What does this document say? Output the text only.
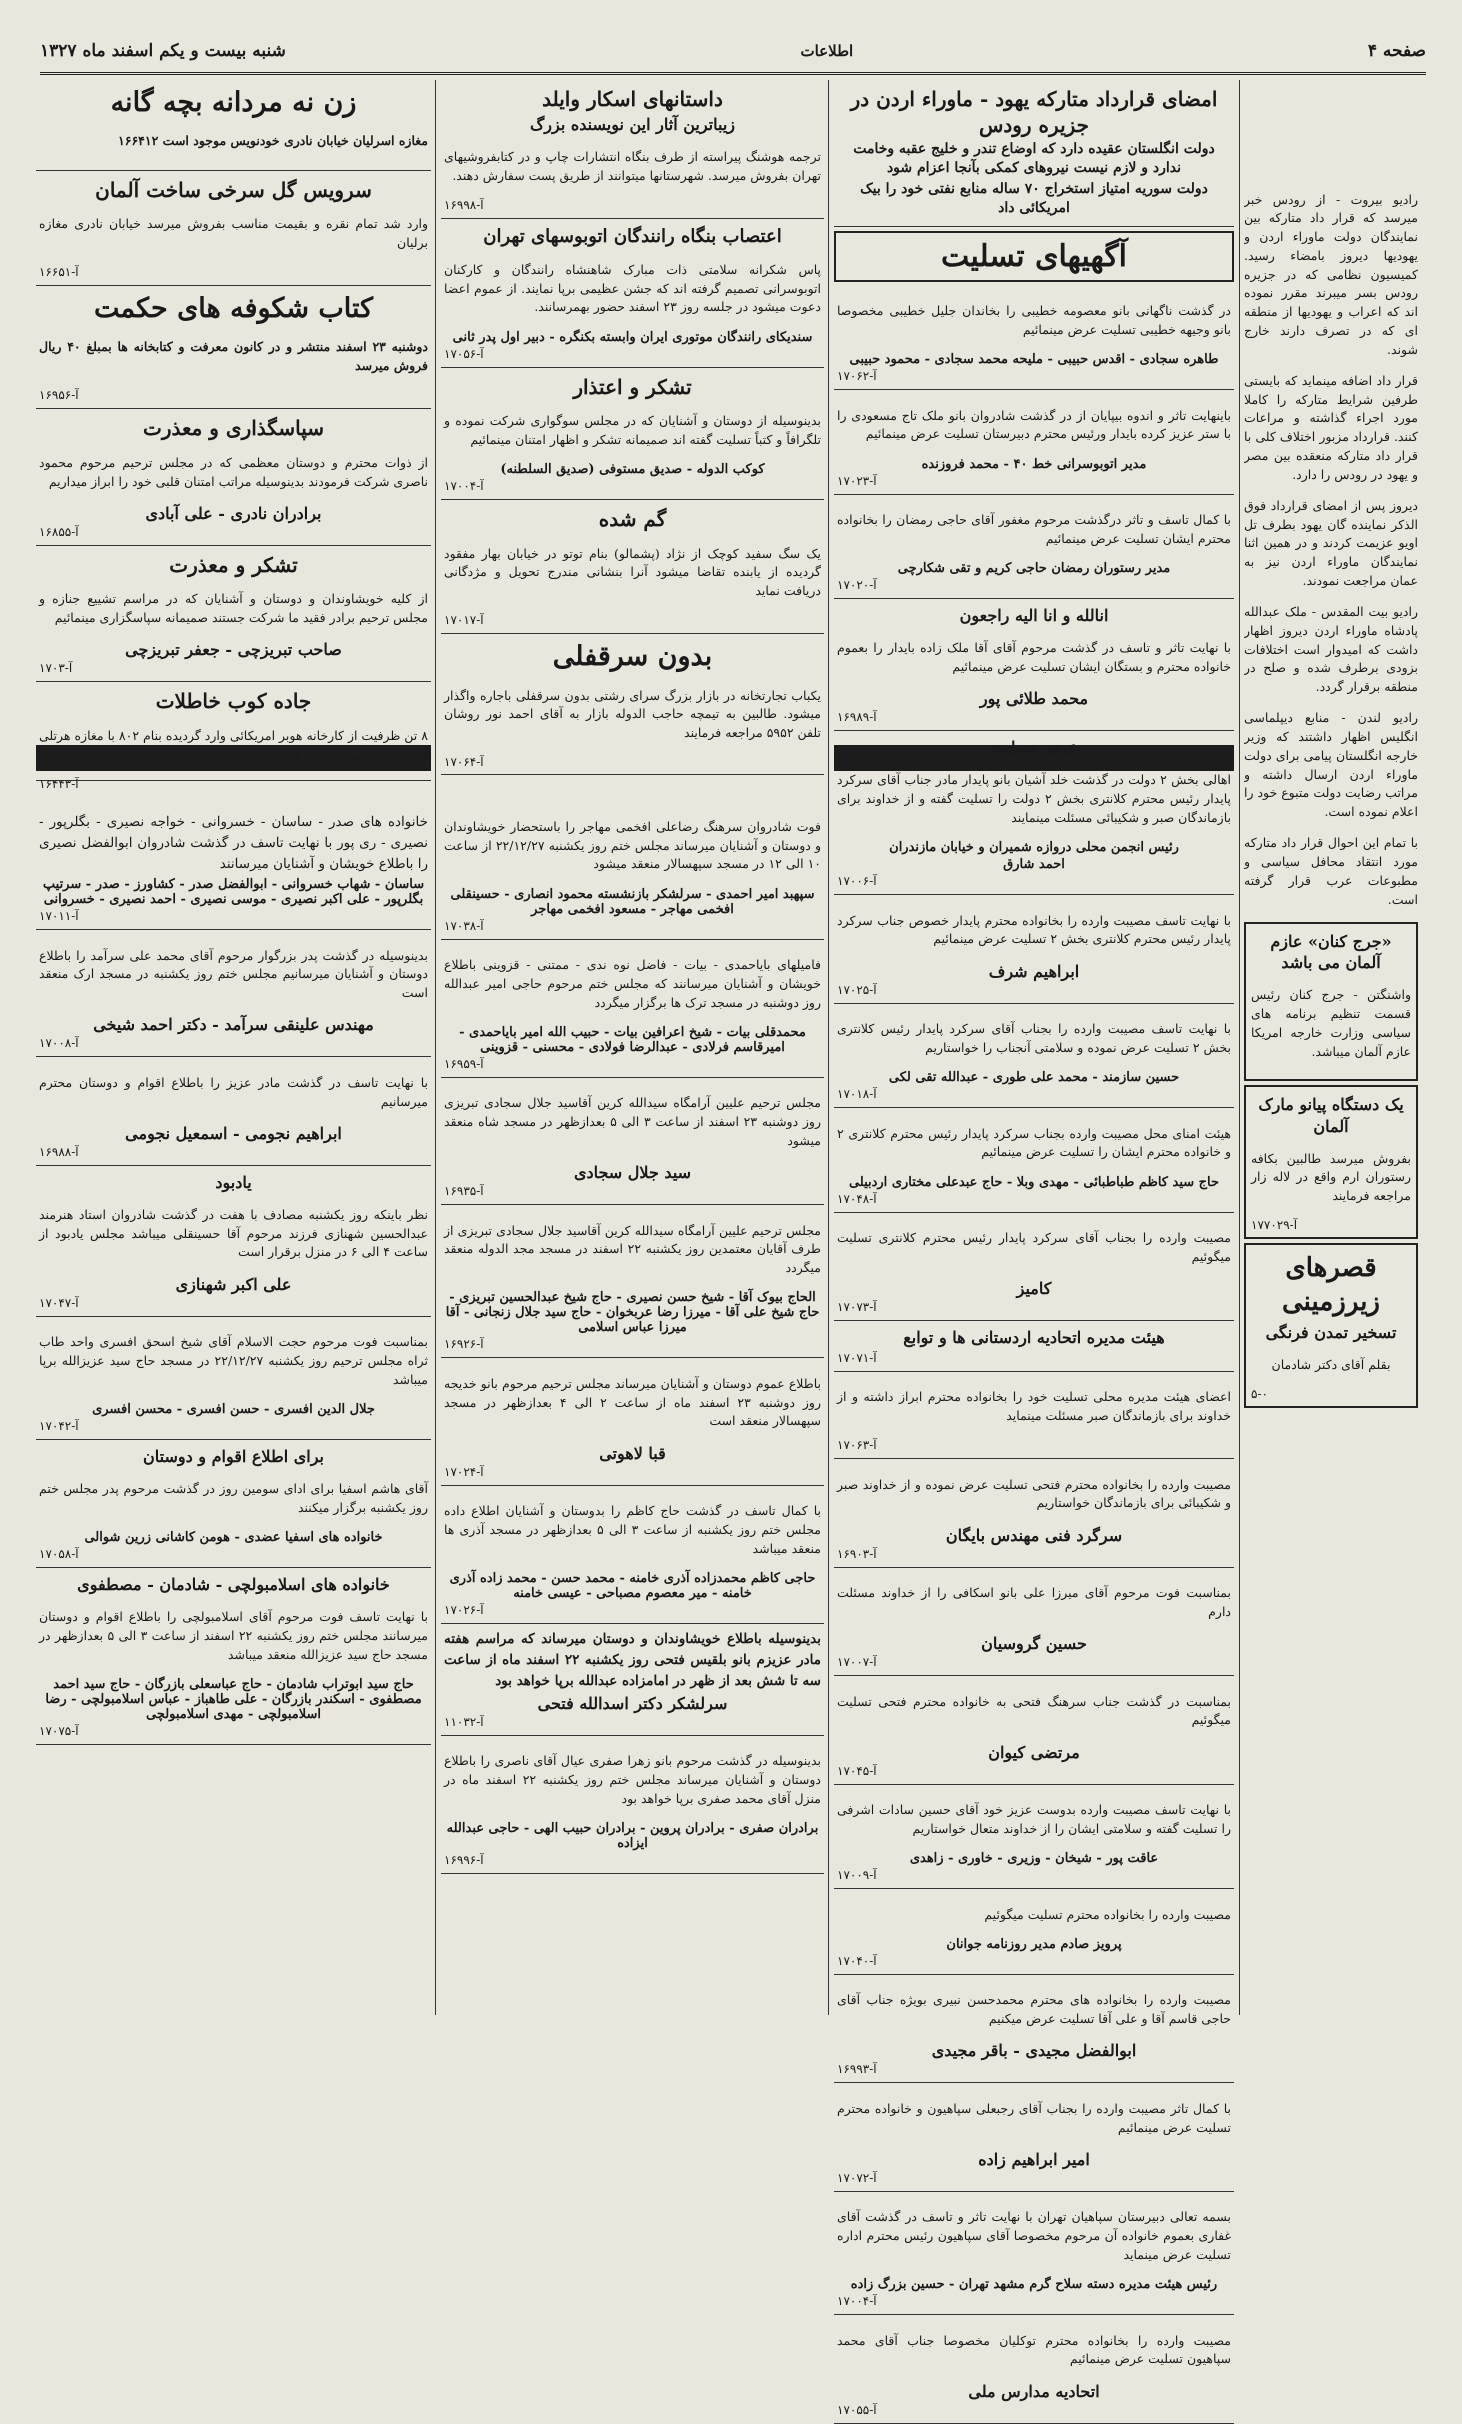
صفحه ۴
اطلاعات
شنبه بیست و یکم اسفند ماه ۱۳۲۷

رادیو بیروت - از رودس خبر میرسد که قرار داد متارکه بین نمایندگان دولت ماوراء اردن و یهودیها دیروز بامضاء رسید. کمیسیون نظامی که در جزیره رودس بسر میبرند مقرر نموده اند که اعراب و یهودیها از منطقه ای که در تصرف دارند خارج شوند.

قرار داد اضافه مینماید که بایستی طرفین شرایط متارکه را کاملا مورد اجراء گذاشته و مراعات کنند. قرارداد مزبور اختلاف کلی با قرار داد متارکه منعقده بین مصر و یهود در رودس را دارد.

دیروز پس از امضای قرارداد فوق الذکر نماینده گان یهود بطرف تل اویو عزیمت کردند و در همین اثنا نمایندگان ماوراء اردن نیز به عمان مراجعت نمودند.

رادیو بیت المقدس - ملک عبدالله پادشاه ماوراء اردن دیروز اظهار داشت که امیدوار است اختلافات بزودی برطرف شده و صلح در منطقه برقرار گردد.

رادیو لندن - منابع دیپلماسی انگلیس اظهار داشتند که وزیر خارجه انگلستان پیامی برای دولت ماوراء اردن ارسال داشته و مراتب رضایت دولت متبوع خود را اعلام نموده است.

با تمام این احوال قرار داد متارکه مورد انتقاد محافل سیاسی و مطبوعات عرب قرار گرفته است.

«جرج کنان» عازم آلمان می باشد

واشنگتن - جرج کنان رئیس قسمت تنظیم برنامه های سیاسی وزارت خارجه امریکا عازم آلمان میباشد.

یک دستگاه پیانو مارک آلمان

بفروش میرسد طالبین بکافه رستوران ارم واقع در لاله زار مراجعه فرمایند

آ-۱۷۷۰۲۹
قصرهای زیرزمینی
تسخیر تمدن فرنگی

بقلم آقای دکتر شادمان

۵-۰
امضای قرارداد متارکه یهود - ماوراء اردن در جزیره رودس
دولت انگلستان عقیده دارد که اوضاع تندر و خلیج عقبه وخامت ندارد و لازم نیست نیروهای کمکی بآنجا اعزام شود
دولت سوریه امتیاز استخراج ۷۰ ساله منابع نفتی خود را بیک امریکائی داد
آگهیهای تسلیت

در گذشت ناگهانی بانو معصومه خطیبی را بخاندان جلیل خطیبی مخصوصا بانو وجیهه خطیبی تسلیت عرض مینمائیم

طاهره سجادی - اقدس حبیبی - ملیحه محمد سجادی - محمود حبیبی
آ-۱۷۰۶۲

باینهایت تاثر و اندوه بیپایان از در گذشت شادروان بانو ملک تاج مسعودی را با ستر عزیز کرده بایدار ورئیس محترم دبیرستان تسلیت عرض مینمائیم

مدیر اتوبوسرانی خط ۴۰ - محمد فروزنده
آ-۱۷۰۲۳

با کمال تاسف و تاثر درگذشت مرحوم مغفور آقای حاجی رمضان را بخانواده محترم ایشان تسلیت عرض مینمائیم

مدیر رستوران رمضان حاجی کریم و تقی شکارچی
آ-۱۷۰۲۰
انالله و انا الیه راجعون

با نهایت تاثر و تاسف در گذشت مرحوم آقای آقا ملک زاده بایدار را بعموم خانواده محترم و بستگان ایشان تسلیت عرض مینمائیم

محمد طلائی پور
آ-۱۶۹۸۹
عرض تسلیت

اهالی بخش ۲ دولت در گذشت خلد آشیان بانو پایدار مادر جناب آقای سرکرد پایدار رئیس محترم کلانتری بخش ۲ دولت را تسلیت گفته و از خداوند برای بازماندگان صبر و شکیبائی مسئلت مینمایند

رئیس انجمن محلی دروازه شمیران و خیابان مازندران
احمد شارق
آ-۱۷۰۰۶

با نهایت تاسف مصیبت وارده را بخانواده محترم پایدار خصوص جناب سرکرد پایدار رئیس محترم کلانتری بخش ۲ تسلیت عرض مینمائیم

ابراهیم شرف
آ-۱۷۰۲۵

با نهایت تاسف مصیبت وارده را بجناب آقای سرکرد پایدار رئیس کلانتری بخش ۲ تسلیت عرض نموده و سلامتی آنجناب را خواستاریم

حسین سازمند - محمد علی طوری - عبدالله تقی لکی
آ-۱۷۰۱۸

هیئت امنای محل مصیبت وارده بجناب سرکرد پایدار رئیس محترم کلانتری ۲ و خانواده محترم ایشان را تسلیت عرض مینمائیم

حاج سید کاظم طباطبائی - مهدی وبلا - حاج عبدعلی مختاری اردبیلی
آ-۱۷۰۴۸

مصیبت وارده را بجناب آقای سرکرد پایدار رئیس محترم کلانتری تسلیت میگوئیم

کامیز
آ-۱۷۰۷۳
هیئت مدیره اتحادیه اردستانی ها و توابع
آ-۱۷۰۷۱

اعضای هیئت مدیره محلی تسلیت خود را بخانواده محترم ابراز داشته و از خداوند برای بازماندگان صبر مسئلت مینماید

آ-۱۷۰۶۳

مصیبت وارده را بخانواده محترم فتحی تسلیت عرض نموده و از خداوند صبر و شکیبائی برای بازماندگان خواستاریم

سرگرد فنی مهندس بایگان
آ-۱۶۹۰۳

بمناسبت فوت مرحوم آقای میرزا علی بانو اسکافی را از خداوند مسئلت دارم

حسین گروسیان
آ-۱۷۰۰۷

بمناسبت در گذشت جناب سرهنگ فتحی به خانواده محترم فتحی تسلیت میگوئیم

مرتضی کیوان
آ-۱۷۰۴۵

با نهایت تاسف مصیبت وارده بدوست عزیز خود آقای حسین سادات اشرفی را تسلیت گفته و سلامتی ایشان را از خداوند متعال خواستاریم

عاقت پور - شیخان - وزیری - خاوری - زاهدی
آ-۱۷۰۰۹

مصیبت وارده را بخانواده محترم تسلیت میگوئیم

پرویز صادم مدیر روزنامه جوانان
آ-۱۷۰۴۰

مصیبت وارده را بخانواده های محترم محمدحسن نبیری بویژه جناب آقای حاجی قاسم آقا و علی آقا تسلیت عرض میکنیم

ابوالفضل مجیدی - باقر مجیدی
آ-۱۶۹۹۳

با کمال تاثر مصیبت وارده را بجناب آقای رجبعلی سپاهیون و خانواده محترم تسلیت عرض مینمائیم

امیر ابراهیم زاده
آ-۱۷۰۷۲

بسمه تعالی دبیرستان سپاهیان تهران با نهایت تاثر و تاسف در گذشت آقای غفاری بعموم خانواده آن مرحوم مخصوصا آقای سپاهیون رئیس محترم اداره تسلیت عرض مینماید

رئیس هیئت مدیره دسته سلاح گرم مشهد تهران - حسین بزرگ زاده
آ-۱۷۰۰۴

مصیبت وارده را بخانواده محترم توکلیان مخصوصا جناب آقای محمد سپاهیون تسلیت عرض مینمائیم

اتحادیه مدارس ملی
آ-۱۷۰۵۵
داستانهای اسکار وایلد
زیباترین آثار این نویسنده بزرگ

ترجمه هوشنگ پیراسته از طرف بنگاه انتشارات چاپ و در کتابفروشیهای تهران بفروش میرسد. شهرستانها میتوانند از طریق پست سفارش دهند.

آ-۱۶۹۹۸
اعتصاب بنگاه رانندگان اتوبوسهای تهران

پاس شکرانه سلامتی ذات مبارک شاهنشاه رانندگان و کارکنان اتوبوسرانی تصمیم گرفته اند که جشن عظیمی برپا نمایند. از عموم اعضا دعوت میشود در جلسه روز ۲۳ اسفند حضور بهمرسانند.

سندیکای رانندگان موتوری ایران وابسته بکنگره - دبیر اول پدر ثانی
آ-۱۷۰۵۶
تشکر و اعتذار

بدینوسیله از دوستان و آشنایان که در مجلس سوگواری شرکت نموده و تلگرافاً و کتباً تسلیت گفته اند صمیمانه تشکر و اظهار امتنان مینمائیم

کوکب الدوله - صدیق مستوفی (صدیق السلطنه)
آ-۱۷۰۰۴
گم شده

یک سگ سفید کوچک از نژاد (پشمالو) بنام توتو در خیابان بهار مفقود گردیده از یابنده تقاضا میشود آنرا بنشانی مندرج تحویل و مژدگانی دریافت نماید

آ-۱۷۰۱۷
بدون سرقفلی

یکباب تجارتخانه در بازار بزرگ سرای رشتی بدون سرقفلی باجاره واگذار میشود. طالبین به تیمچه حاجب الدوله بازار به آقای احمد نور روشان تلفن ۵۹۵۲ مراجعه فرمایند

آ-۱۷۰۶۴

فوت شادروان سرهنگ رضاعلی افخمی مهاجر را باستحضار خویشاوندان و دوستان و آشنایان میرساند مجلس ختم روز یکشنبه ۲۲/۱۲/۲۷ از ساعت ۱۰ الی ۱۲ در مسجد سپهسالار منعقد میشود

سپهبد امیر احمدی - سرلشکر بازنشسته محمود انصاری - حسینقلی افخمی مهاجر - مسعود افخمی مهاجر
آ-۱۷۰۳۸

فامیلهای بایاحمدی - بیات - فاضل نوه ندی - ممتنی - قزوینی باطلاع خویشان و آشنایان میرسانند که مجلس ختم مرحوم حاجی امیر عبدالله روز دوشنبه در مسجد ترک ها برگزار میگردد

محمدقلی بیات - شیخ اعرافین بیات - حبیب الله امیر بایاحمدی - امیرقاسم فرلادی - عبدالرضا فولادی - محسنی - قزوینی
آ-۱۶۹۵۹

مجلس ترحیم علیین آرامگاه سیدالله کرین آقاسید جلال سجادی تبریزی روز دوشنبه ۲۳ اسفند از ساعت ۳ الی ۵ بعدازظهر در مسجد شاه منعقد میشود

سید جلال سجادی
آ-۱۶۹۳۵

مجلس ترحیم علیین آرامگاه سیدالله کرین آقاسید جلال سجادی تبریزی از طرف آقایان معتمدین روز یکشنبه ۲۲ اسفند در مسجد مجد الدوله منعقد میگردد

الحاج بیوک آقا - شیخ حسن نصیری - حاج شیخ عبدالحسین تبریزی - حاج شیخ علی آقا - میرزا رضا عربخوان - حاج سید جلال زنجانی - آقا میرزا عباس اسلامی
آ-۱۶۹۲۶

باطلاع عموم دوستان و آشنایان میرساند مجلس ترحیم مرحوم بانو خدیجه روز دوشنبه ۲۳ اسفند ماه از ساعت ۲ الی ۴ بعدازظهر در مسجد سپهسالار منعقد است

قبا لاهوتی
آ-۱۷۰۲۴

با کمال تاسف در گذشت حاج کاظم را بدوستان و آشنایان اطلاع داده مجلس ختم روز یکشنبه از ساعت ۳ الی ۵ بعدازظهر در مسجد آذری ها منعقد میباشد

حاجی کاظم محمدزاده آذری خامنه - محمد حسن - محمد زاده آذری خامنه - میر معصوم مصباحی - عیسی خامنه
آ-۱۷۰۲۶

بدینوسیله باطلاع خویشاوندان و دوستان میرساند که مراسم هفته مادر عزیزم بانو بلقیس فتحی روز یکشنبه ۲۲ اسفند ماه از ساعت سه تا شش بعد از ظهر در امامزاده عبدالله برپا خواهد بود

سرلشکر دکتر اسدالله فتحی
آ-۱۱۰۳۲

بدینوسیله در گذشت مرحوم بانو زهرا صفری عیال آقای ناصری را باطلاع دوستان و آشنایان میرساند مجلس ختم روز یکشنبه ۲۲ اسفند ماه در منزل آقای محمد صفری برپا خواهد بود

برادران صفری - برادران پروین - برادران حبیب الهی - حاجی عبدالله ایزاده
آ-۱۶۹۹۶
زن نه مردانه بچه گانه

مغازه اسرلیان خیابان نادری خودنویس موجود است ۱۶۶۴۱۲

سرویس گل سرخی ساخت آلمان

وارد شد تمام نقره و بقیمت مناسب بفروش میرسد خیابان نادری مغازه برلیان

آ-۱۶۶۵۱
کتاب شکوفه های حکمت

دوشنبه ۲۳ اسفند منتشر و در کانون معرفت و کتابخانه ها بمبلغ ۴۰ ریال فروش میرسد

آ-۱۶۹۵۶
سپاسگذاری و معذرت

از ذوات محترم و دوستان معظمی که در مجلس ترحیم مرحوم محمود ناصری شرکت فرمودند بدینوسیله مراتب امتنان قلبی خود را ابراز میداریم

برادران نادری - علی آبادی
آ-۱۶۸۵۵
تشکر و معذرت

از کلیه خویشاوندان و دوستان و آشنایان که در مراسم تشییع جنازه و مجلس ترحیم برادر فقید ما شرکت جستند صمیمانه سپاسگزاری مینمائیم

صاحب تبریزچی - جعفر تبریزچی
آ-۱۷۰۳
جاده کوب خاطلات

۸ تن ظرفیت از کارخانه هوبر امریکائی وارد گردیده بنام ۸۰۲ با مغازه هرتلی خیابان فردوسی مراجعه فرمایند

آ-۱۶۴۴۳

خانواده های صدر - ساسان - خسروانی - خواجه نصیری - بگلرپور - نصیری - ری پور با نهایت تاسف در گذشت شادروان ابوالفضل نصیری را باطلاع خویشان و آشنایان میرسانند

ساسان - شهاب خسروانی - ابوالفضل صدر - کشاورز - صدر - سرتیپ بگلرپور - علی اکبر نصیری - موسی نصیری - احمد نصیری - خسروانی
آ-۱۷۰۱۱

بدینوسیله در گذشت پدر بزرگوار مرحوم آقای محمد علی سرآمد را باطلاع دوستان و آشنایان میرسانیم مجلس ختم روز یکشنبه در مسجد ارک منعقد است

مهندس علینقی سرآمد - دکتر احمد شیخی
آ-۱۷۰۰۸

با نهایت تاسف در گذشت مادر عزیز را باطلاع اقوام و دوستان محترم میرسانیم

ابراهیم نجومی - اسمعیل نجومی
آ-۱۶۹۸۸
یادبود

نظر باینکه روز یکشنبه مصادف با هفت در گذشت شادروان استاد هنرمند عبدالحسین شهنازی فرزند مرحوم آقا حسینقلی میباشد مجلس یادبود از ساعت ۴ الی ۶ در منزل برقرار است

علی اکبر شهنازی
آ-۱۷۰۴۷

بمناسبت فوت مرحوم حجت الاسلام آقای شیخ اسحق افسری واحد طاب ثراه مجلس ترحیم روز یکشنبه ۲۲/۱۲/۲۷ در مسجد حاج سید عزیزالله برپا میباشد

جلال الدین افسری - حسن افسری - محسن افسری
آ-۱۷۰۴۲
برای اطلاع اقوام و دوستان

آقای هاشم اسفیا برای ادای سومین روز در گذشت مرحوم پدر مجلس ختم روز یکشنبه برگزار میکنند

خانواده های اسفیا عضدی - هومن کاشانی زرین شوالی
آ-۱۷۰۵۸
خانواده های اسلامبولچی - شادمان - مصطفوی

با نهایت تاسف فوت مرحوم آقای اسلامبولچی را باطلاع اقوام و دوستان میرسانند مجلس ختم روز یکشنبه ۲۲ اسفند از ساعت ۳ الی ۵ بعدازظهر در مسجد حاج سید عزیزالله منعقد میباشد

حاج سید ابوتراب شادمان - حاج عباسعلی بازرگان - حاج سید احمد مصطفوی - اسکندر بازرگان - علی طاهباز - عباس اسلامبولچی - رضا اسلامبولچی - مهدی اسلامبولچی
آ-۱۷۰۷۵
